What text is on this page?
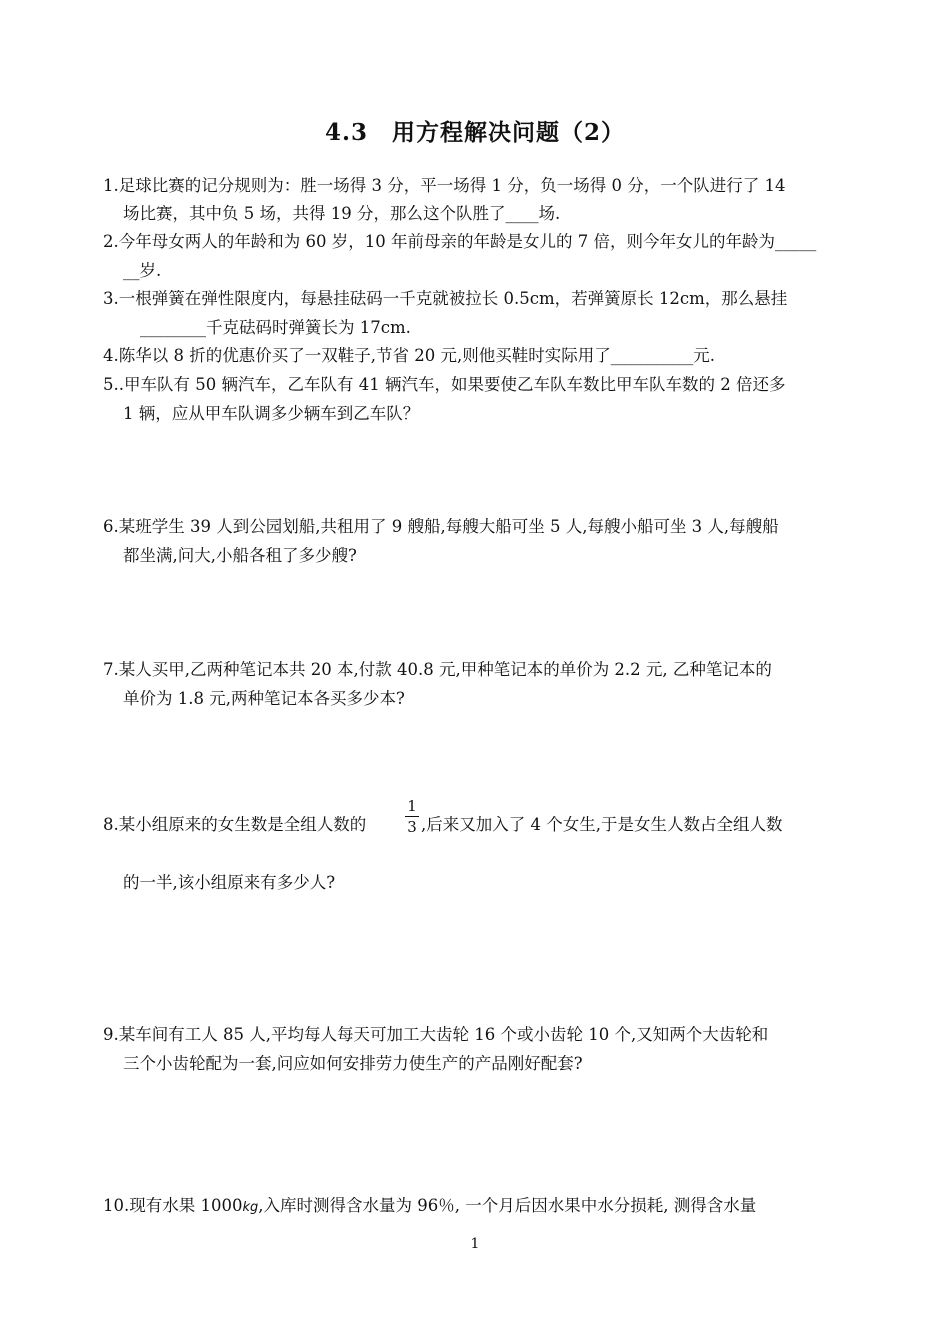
4.3　用方程解决问题（2）
1.足球比赛的记分规则为：胜一场得 3 分，平一场得 1 分，负一场得 0 分，一个队进行了 14
场比赛，其中负 5 场，共得 19 分，那么这个队胜了____场.
2.今年母女两人的年龄和为 60 岁，10 年前母亲的年龄是女儿的 7 倍，则今年女儿的年龄为_____
__岁.
3.一根弹簧在弹性限度内，每悬挂砝码一千克就被拉长 0.5cm，若弹簧原长 12cm，那么悬挂
________千克砝码时弹簧长为 17cm.
4.陈华以 8 折的优惠价买了一双鞋子,节省 20 元,则他买鞋时实际用了__________元.
5..甲车队有 50 辆汽车，乙车队有 41 辆汽车，如果要使乙车队车数比甲车队车数的 2 倍还多
1 辆，应从甲车队调多少辆车到乙车队？
6.某班学生 39 人到公园划船,共租用了 9 艘船,每艘大船可坐 5 人,每艘小船可坐 3 人,每艘船
都坐满,问大,小船各租了多少艘?
7.某人买甲,乙两种笔记本共 20 本,付款 40.8 元,甲种笔记本的单价为 2.2 元, 乙种笔记本的
单价为 1.8 元,两种笔记本各买多少本?
8.某小组原来的女生数是全组人数的
1
3 ,后来又加入了 4 个女生,于是女生人数占全组人数
的一半,该小组原来有多少人?
9.某车间有工人 85 人,平均每人每天可加工大齿轮 16 个或小齿轮 10 个,又知两个大齿轮和
三个小齿轮配为一套,问应如何安排劳力使生产的产品刚好配套?
10.现有水果 1000kg,入库时测得含水量为 96％, 一个月后因水果中水分损耗, 测得含水量
1
